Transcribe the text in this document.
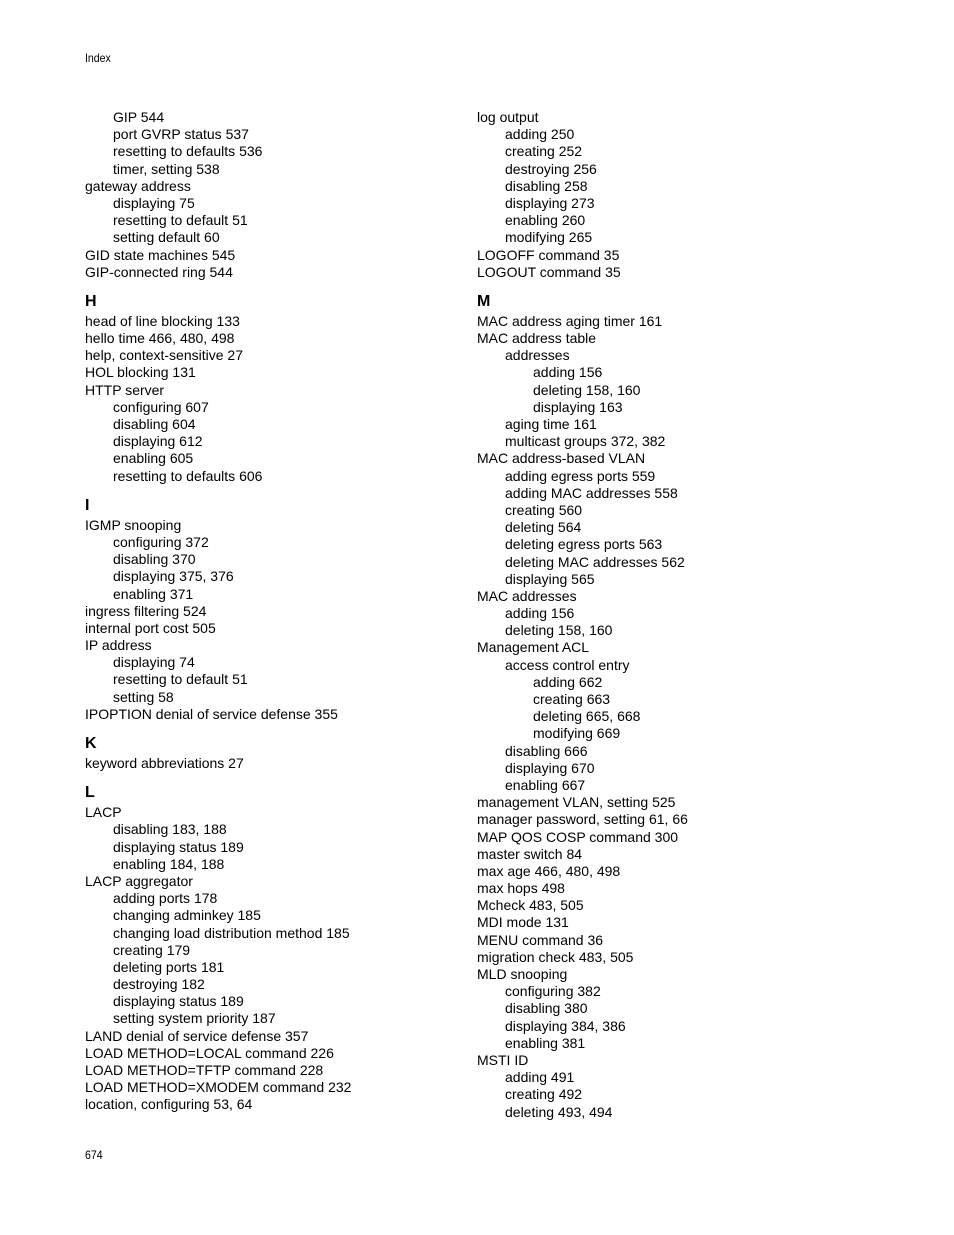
Index
GIP 544
port GVRP status 537
resetting to defaults 536
timer, setting 538
gateway address
displaying 75
resetting to default 51
setting default 60
GID state machines 545
GIP-connected ring 544
H
head of line blocking 133
hello time 466, 480, 498
help, context-sensitive 27
HOL blocking 131
HTTP server
configuring 607
disabling 604
displaying 612
enabling 605
resetting to defaults 606
I
IGMP snooping
configuring 372
disabling 370
displaying 375, 376
enabling 371
ingress filtering 524
internal port cost 505
IP address
displaying 74
resetting to default 51
setting 58
IPOPTION denial of service defense 355
K
keyword abbreviations 27
L
LACP
disabling 183, 188
displaying status 189
enabling 184, 188
LACP aggregator
adding ports 178
changing adminkey 185
changing load distribution method 185
creating 179
deleting ports 181
destroying 182
displaying status 189
setting system priority 187
LAND denial of service defense 357
LOAD METHOD=LOCAL command 226
LOAD METHOD=TFTP command 228
LOAD METHOD=XMODEM command 232
location, configuring 53, 64
log output
adding 250
creating 252
destroying 256
disabling 258
displaying 273
enabling 260
modifying 265
LOGOFF command 35
LOGOUT command 35
M
MAC address aging timer 161
MAC address table
addresses
adding 156
deleting 158, 160
displaying 163
aging time 161
multicast groups 372, 382
MAC address-based VLAN
adding egress ports 559
adding MAC addresses 558
creating 560
deleting 564
deleting egress ports 563
deleting MAC addresses 562
displaying 565
MAC addresses
adding 156
deleting 158, 160
Management ACL
access control entry
adding 662
creating 663
deleting 665, 668
modifying 669
disabling 666
displaying 670
enabling 667
management VLAN, setting 525
manager password, setting 61, 66
MAP QOS COSP command 300
master switch 84
max age 466, 480, 498
max hops 498
Mcheck 483, 505
MDI mode 131
MENU command 36
migration check 483, 505
MLD snooping
configuring 382
disabling 380
displaying 384, 386
enabling 381
MSTI ID
adding 491
creating 492
deleting 493, 494
674
